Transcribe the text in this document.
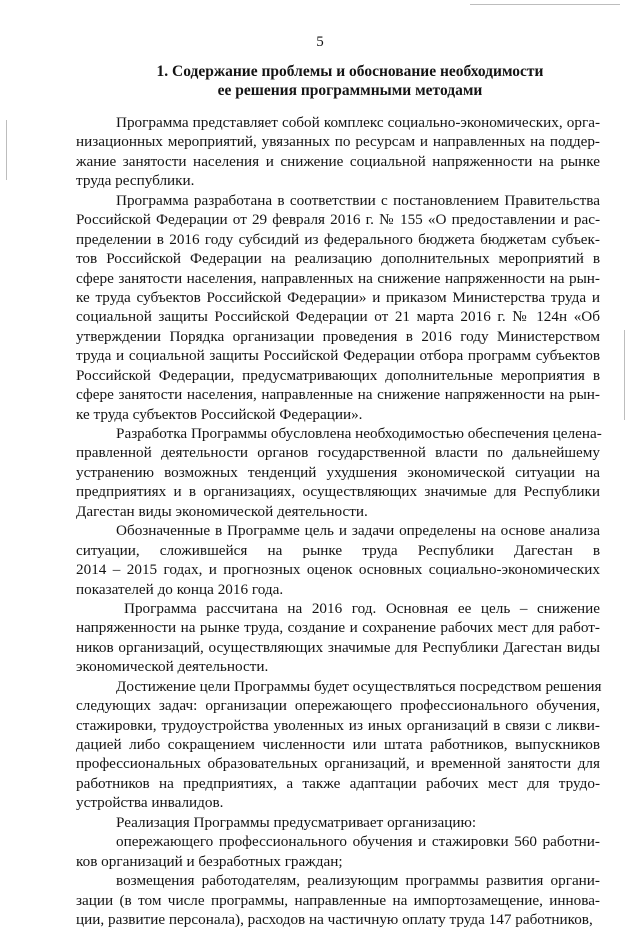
5
1. Содержание проблемы и обоснование необходимости
ее решения программными методами
Программа представляет собой комплекс социально-экономических, орга-
низационных мероприятий, увязанных по ресурсам и направленных на поддер-
жание занятости населения и снижение социальной напряженности на рынке
труда республики.
Программа разработана в соответствии с постановлением Правительства
Российской Федерации от 29 февраля 2016 г. № 155 «О предоставлении и рас-
пределении в 2016 году субсидий из федерального бюджета бюджетам субъек-
тов Российской Федерации на реализацию дополнительных мероприятий в
сфере занятости населения, направленных на снижение напряженности на рын-
ке труда субъектов Российской Федерации» и приказом Министерства труда и
социальной защиты Российской Федерации от 21 марта 2016 г. № 124н «Об
утверждении Порядка организации проведения в 2016 году Министерством
труда и социальной защиты Российской Федерации отбора программ субъектов
Российской Федерации, предусматривающих дополнительные мероприятия в
сфере занятости населения, направленные на снижение напряженности на рын-
ке труда субъектов Российской Федерации».
Разработка Программы обусловлена необходимостью обеспечения целена-
правленной деятельности органов государственной власти по дальнейшему
устранению возможных тенденций ухудшения экономической ситуации на
предприятиях и в организациях, осуществляющих значимые для Республики
Дагестан виды экономической деятельности.
Обозначенные в Программе цель и задачи определены на основе анализа
ситуации, сложившейся на рынке труда Республики Дагестан в
2014 – 2015 годах, и прогнозных оценок основных социально-экономических
показателей до конца 2016 года.
Программа рассчитана на 2016 год. Основная ее цель – снижение
напряженности на рынке труда, создание и сохранение рабочих мест для работ-
ников организаций, осуществляющих значимые для Республики Дагестан виды
экономической деятельности.
Достижение цели Программы будет осуществляться посредством решения
следующих задач: организации опережающего профессионального обучения,
стажировки, трудоустройства уволенных из иных организаций в связи с ликви-
дацией либо сокращением численности или штата работников, выпускников
профессиональных образовательных организаций, и временной занятости для
работников на предприятиях, а также адаптации рабочих мест для трудо-
устройства инвалидов.
Реализация Программы предусматривает организацию:
опережающего профессионального обучения и стажировки 560 работни-
ков организаций и безработных граждан;
возмещения работодателям, реализующим программы развития органи-
зации (в том числе программы, направленные на импортозамещение, иннова-
ции, развитие персонала), расходов на частичную оплату труда 147 работников,
